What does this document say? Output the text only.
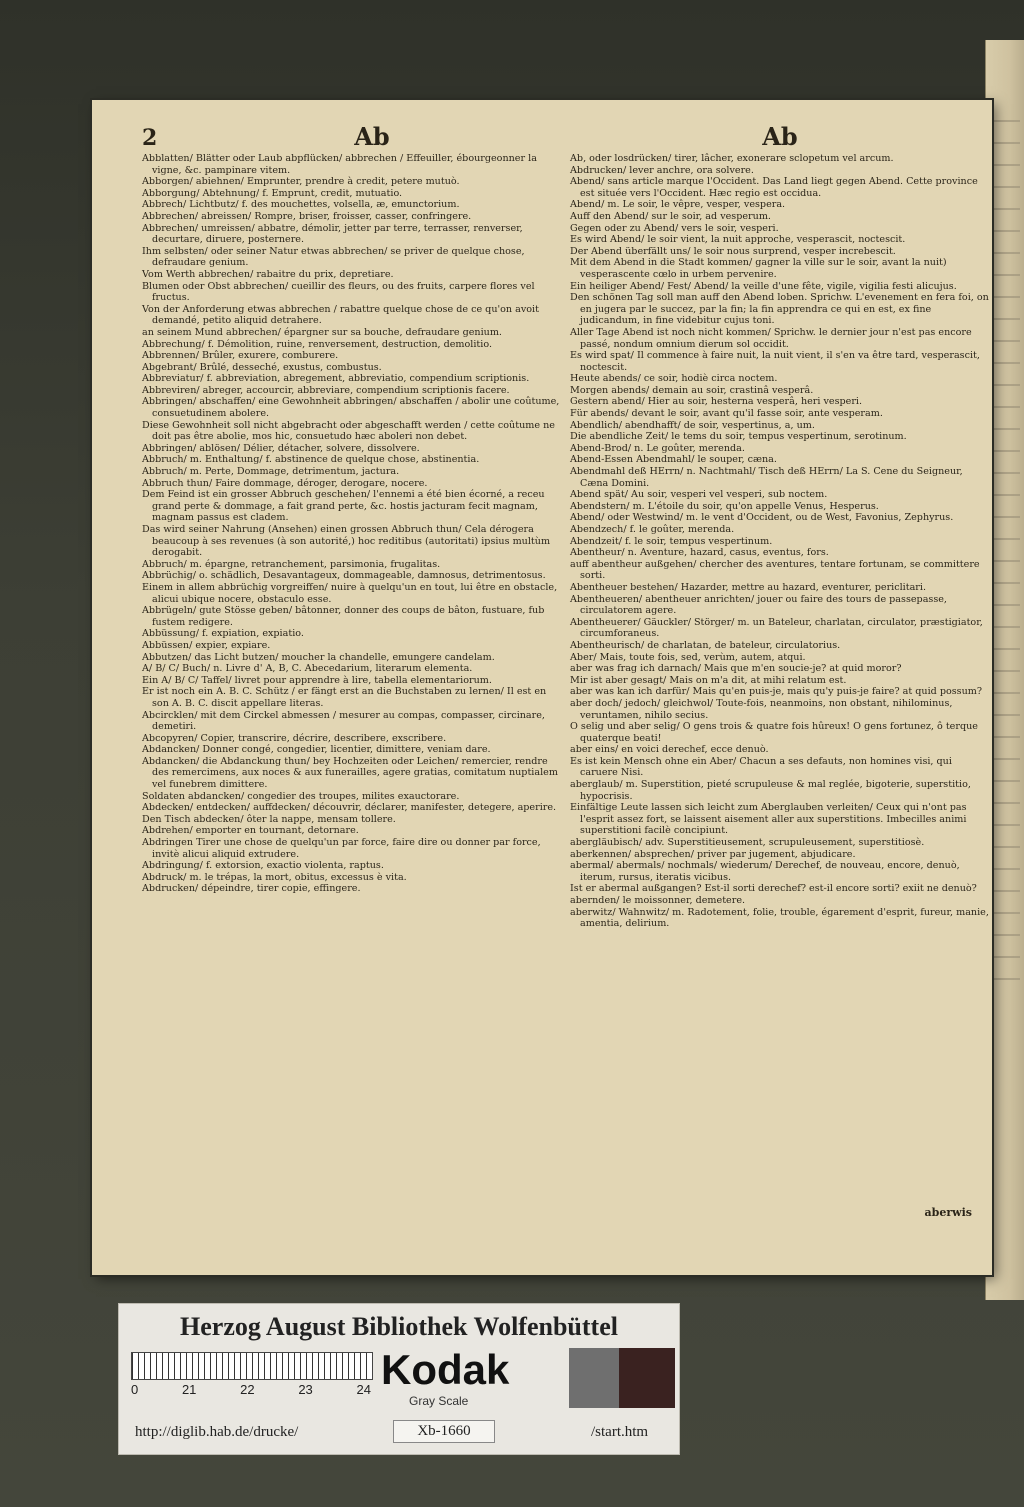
2	Ab

Abblatten/ Blätter oder Laub abpflücken/ abbrechen / Effeuiller, ébourgeonner la vigne, &c. pampinare vitem.

Abborgen/ abiehnen/ Emprunter, prendre à credit, petere mutuò.

Abborgung/ Abtehnung/ f. Emprunt, credit, mutuatio.

Abbrech/ Lichtbutz/ f. des mouchettes, volsella, æ, emunctorium.

Abbrechen/ abreissen/ Rompre, briser, froisser, casser, confringere.

Abbrechen/ umreissen/ abbatre, démolir, jetter par terre, terrasser, renverser, decurtare, diruere, posternere.

Ihm selbsten/ oder seiner Natur etwas abbrechen/ se priver de quelque chose, defraudare genium.

Vom Werth abbrechen/ rabaitre du prix, depretiare.

Blumen oder Obst abbrechen/ cueillir des fleurs, ou des fruits, carpere flores vel fructus.

Von der Anforderung etwas abbrechen / rabattre quelque chose de ce qu'on avoit demandé, petito aliquid detrahere.

an seinem Mund abbrechen/ épargner sur sa bouche, defraudare genium.

Abbrechung/ f. Démolition, ruine, renversement, destruction, demolitio.

Abbrennen/ Brûler, exurere, comburere.

Abgebrant/ Brûlé, desseché, exustus, combustus.

Abbreviatur/ f. abbreviation, abregement, abbreviatio, compendium scriptionis.

Abbreviren/ abreger, accourcir, abbreviare, compendium scriptionis facere.

Abbringen/ abschaffen/ eine Gewohnheit abbringen/ abschaffen / abolir une coûtume, consuetudinem abolere.

Diese Gewohnheit soll nicht abgebracht oder abgeschafft werden / cette coûtume ne doit pas être abolie, mos hic, consuetudo hæc aboleri non debet.

Abbringen/ ablösen/ Délier, détacher, solvere, dissolvere.

Abbruch/ m. Enthaltung/ f. abstinence de quelque chose, abstinentia.

Abbruch/ m. Perte, Dommage, detrimentum, jactura.

Abbruch thun/ Faire dommage, déroger, derogare, nocere.

Dem Feind ist ein grosser Abbruch geschehen/ l'ennemi a été bien écorné, a receu grand perte & dommage, a fait grand perte, &c. hostis jacturam fecit magnam, magnam passus est cladem.

Das wird seiner Nahrung (Ansehen) einen grossen Abbruch thun/ Cela dérogera beaucoup à ses revenues (à son autorité,) hoc reditibus (autoritati) ipsius multùm derogabit.

Abbruch/ m. épargne, retranchement, parsimonia, frugalitas.

Abbrüchig/ o. schädlich, Desavantageux, dommageable, damnosus, detrimentosus.

Einem in allem abbrüchig vorgreiffen/ nuire à quelqu'un en tout, lui être en obstacle, alicui ubique nocere, obstaculo esse.

Abbrügeln/ gute Stösse geben/ bâtonner, donner des coups de bâton, fustuare, fub fustem redigere.

Abbüssung/ f. expiation, expiatio.

Abbüssen/ expier, expiare.

Abbutzen/ das Licht butzen/ moucher la chandelle, emungere candelam.

A/ B/ C/ Buch/ n. Livre d' A, B, C. Abecedarium, literarum elementa.

Ein A/ B/ C/ Taffel/ livret pour apprendre à lire, tabella elementariorum.

Er ist noch ein A. B. C. Schütz / er fängt erst an die Buchstaben zu lernen/ Il est en son A. B. C. discit appellare literas.

Abcircklen/ mit dem Circkel abmessen / mesurer au compas, compasser, circinare, demetiri.

Abcopyren/ Copier, transcrire, décrire, describere, exscribere.

Abdancken/ Donner congé, congedier, licentier, dimittere, veniam dare.

Abdancken/ die Abdanckung thun/ bey Hochzeiten oder Leichen/ remercier, rendre des remercimens, aux noces & aux funerailles, agere gratias, comitatum nuptialem vel funebrem dimittere.

Soldaten abdancken/ congedier des troupes, milites exauctorare.

Abdecken/ entdecken/ auffdecken/ découvrir, déclarer, manifester, detegere, aperire.

Den Tisch abdecken/ ôter la nappe, mensam tollere.

Abdrehen/ emporter en tournant, detornare.

Abdringen Tirer une chose de quelqu'un par force, faire dire ou donner par force, invitè alicui aliquid extrudere.

Abdringung/ f. extorsion, exactio violenta, raptus.

Abdruck/ m. le trépas, la mort, obitus, excessus è vita.

Abdrucken/ dépeindre, tirer copie, effingere.

Ab

Ab, oder losdrücken/ tirer, lâcher, exonerare sclopetum vel arcum.

Abdrucken/ lever anchre, ora solvere.

Abend/ sans article marque l'Occident. Das Land liegt gegen Abend. Cette province est située vers l'Occident. Hæc regio est occidua.

Abend/ m. Le soir, le vêpre, vesper, vespera.

Auff den Abend/ sur le soir, ad vesperum.

Gegen oder zu Abend/ vers le soir, vesperi.

Es wird Abend/ le soir vient, la nuit approche, vesperascit, noctescit.

Der Abend überfällt uns/ le soir nous surprend, vesper increbescit.

Mit dem Abend in die Stadt kommen/ gagner la ville sur le soir, avant la nuit) vesperascente cœlo in urbem pervenire.

Ein heiliger Abend/ Fest/ Abend/ la veille d'une fête, vigile, vigilia festi alicujus.

Den schönen Tag soll man auff den Abend loben. Sprichw. L'evenement en fera foi, on en jugera par le succez, par la fin; la fin apprendra ce qui en est, ex fine judicandum, in fine videbitur cujus toni.

Aller Tage Abend ist noch nicht kommen/ Sprichw. le dernier jour n'est pas encore passé, nondum omnium dierum sol occidit.

Es wird spat/ Il commence à faire nuit, la nuit vient, il s'en va être tard, vesperascit, noctescit.

Heute abends/ ce soir, hodiè circa noctem.

Morgen abends/ demain au soir, crastinâ vesperâ.

Gestern abend/ Hier au soir, hesterna vesperâ, heri vesperi.

Für abends/ devant le soir, avant qu'il fasse soir, ante vesperam.

Abendlich/ abendhafft/ de soir, vespertinus, a, um.

Die abendliche Zeit/ le tems du soir, tempus vespertinum, serotinum.

Abend-Brod/ n. Le goûter, merenda.

Abend-Essen Abendmahl/ le souper, cæna.

Abendmahl deß HErrn/ n. Nachtmahl/ Tisch deß HErrn/ La S. Cene du Seigneur, Cæna Domini.

Abend spät/ Au soir, vesperi vel vesperi, sub noctem.

Abendstern/ m. L'étoile du soir, qu'on appelle Venus, Hesperus.

Abend/ oder Westwind/ m. le vent d'Occident, ou de West, Favonius, Zephyrus.

Abendzech/ f. le goûter, merenda.

Abendzeit/ f. le soir, tempus vespertinum.

Abentheur/ n. Aventure, hazard, casus, eventus, fors.

auff abentheur außgehen/ chercher des aventures, tentare fortunam, se committere sorti.

Abentheuer bestehen/ Hazarder, mettre au hazard, eventurer, periclitari.

Abentheueren/ abentheuer anrichten/ jouer ou faire des tours de passepasse, circulatorem agere.

Abentheuerer/ Gäuckler/ Störger/ m. un Bateleur, charlatan, circulator, præstigiator, circumforaneus.

Abentheurisch/ de charlatan, de bateleur, circulatorius.

Aber/ Mais, toute fois, sed, verùm, autem, atqui.

aber was frag ich darnach/ Mais que m'en soucie-je? at quid moror?

Mir ist aber gesagt/ Mais on m'a dit, at mihi relatum est.

aber was kan ich darfür/ Mais qu'en puis-je, mais qu'y puis-je faire? at quid possum?

aber doch/ jedoch/ gleichwol/ Toute-fois, neanmoins, non obstant, nihilominus, veruntamen, nihilo secius.

O selig und aber selig/ O gens trois & quatre fois hûreux! O gens fortunez, ô terque quaterque beati!

aber eins/ en voici derechef, ecce denuò.

Es ist kein Mensch ohne ein Aber/ Chacun a ses defauts, non homines visi, qui caruere Nisi.

aberglaub/ m. Superstition, pieté scrupuleuse & mal reglée, bigoterie, superstitio, hypocrisis.

Einfältige Leute lassen sich leicht zum Aberglauben verleiten/ Ceux qui n'ont pas l'esprit assez fort, se laissent aisement aller aux superstitions. Imbecilles animi superstitioni facilè concipiunt.

abergläubisch/ adv. Superstitieusement, scrupuleusement, superstitiosè.

aberkennen/ absprechen/ priver par jugement, abjudicare.

abermal/ abermals/ nochmals/ wiederum/ Derechef, de nouveau, encore, denuò, iterum, rursus, iteratis vicibus.

Ist er abermal außgangen? Est-il sorti derechef? est-il encore sorti? exiit ne denuò?

abernden/ le moissonner, demetere.

aberwitz/ Wahnwitz/ m. Radotement, folie, trouble, égarement d'esprit, fureur, manie, amentia, delirium.

aberwis
Herzog August Bibliothek Wolfenbüttel
0	21	22	23	24 Kodak
Gray Scale
http://diglib.hab.de/drucke/	Xb-1660	/start.htm
